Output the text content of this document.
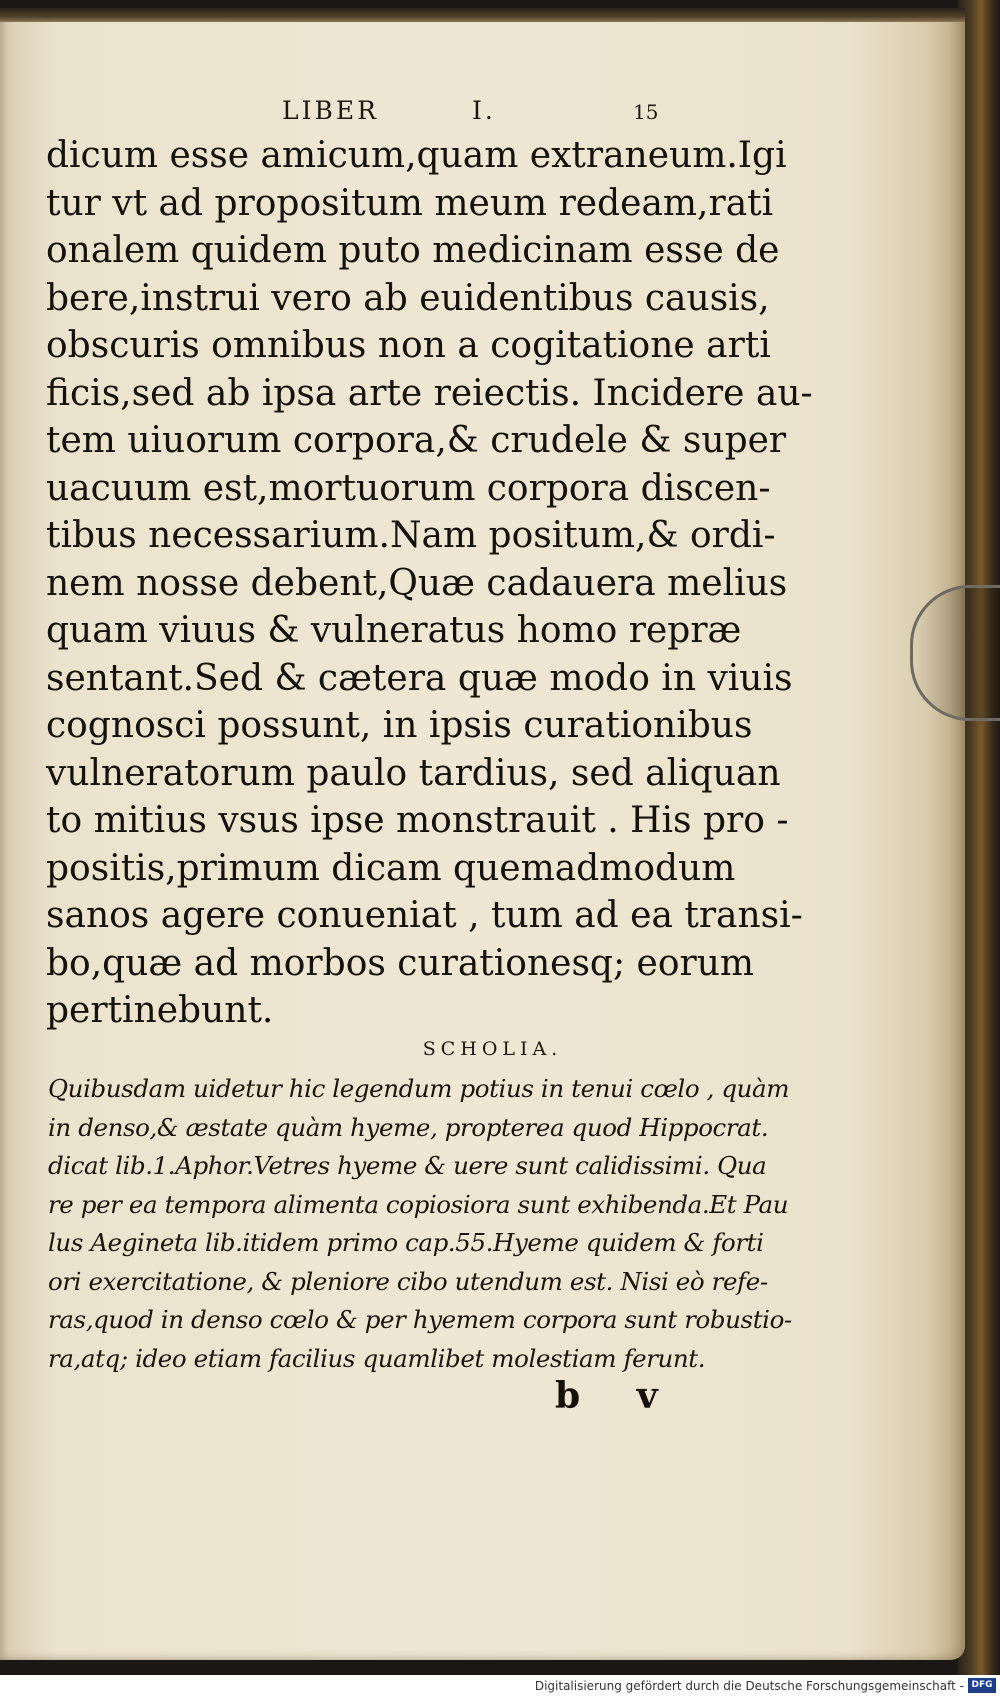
LIBER	I.	15
dicum esse amicum,quam extraneum.Igi
tur vt ad propositum meum redeam,rati
onalem quidem puto medicinam esse de
bere,instrui vero ab euidentibus causis,
obscuris omnibus non a cogitatione arti
ficis,sed ab ipsa arte reiectis. Incidere au-
tem uiuorum corpora,& crudele & super
uacuum est,mortuorum corpora discen-
tibus necessarium.Nam positum,& ordi-
nem nosse debent,Quæ cadauera melius
quam viuus & vulneratus homo repræ
sentant.Sed & cætera quæ modo in viuis
cognosci possunt, in ipsis curationibus
vulneratorum paulo tardius, sed aliquan
to mitius vsus ipse monstrauit . His pro -
positis,primum dicam quemadmodum
sanos agere conueniat , tum ad ea transi-
bo,quæ ad morbos curationesq; eorum
pertinebunt.
SCHOLIA.
Quibusdam uidetur hic legendum potius in tenui cœlo , quàm
in denso,& æstate quàm hyeme, propterea quod Hippocrat.
dicat lib.1.Aphor.Vetres hyeme & uere sunt calidissimi. Qua
re per ea tempora alimenta copiosiora sunt exhibenda.Et Pau
lus Aegineta lib.itidem primo cap.55.Hyeme quidem & forti
ori exercitatione, & pleniore cibo utendum est. Nisi eò refe-
ras,quod in denso cœlo & per hyemem corpora sunt robustio-
ra,atq; ideo etiam facilius quamlibet molestiam ferunt.
b v
Digitalisierung gefördert durch die Deutsche Forschungsgemeinschaft - DFG
